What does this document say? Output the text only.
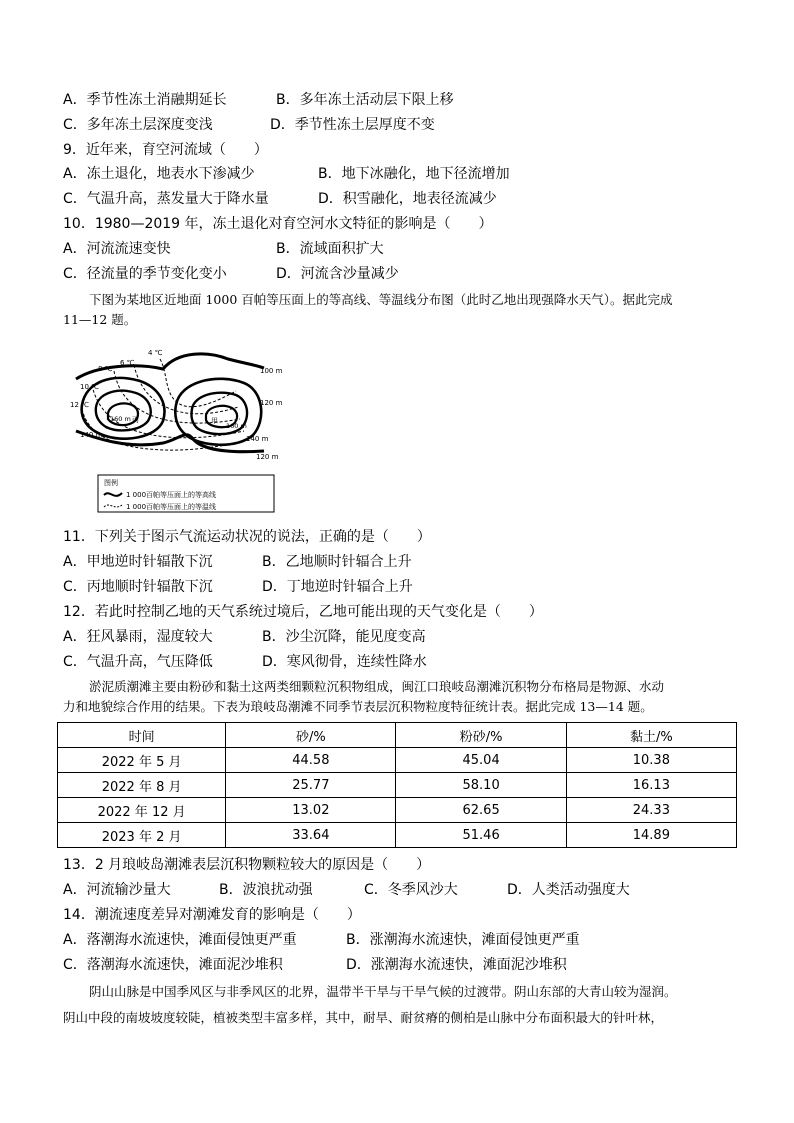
A．季节性冻土消融期延长	B．多年冻土活动层下限上移
C．多年冻土层深度变浅	D．季节性冻土层厚度不变
9．近年来，育空河流域（　　）
A．冻土退化，地表水下渗减少	B．地下冰融化，地下径流增加
C．气温升高，蒸发量大于降水量	D．积雪融化，地表径流减少
10．1980—2019 年，冻土退化对育空河水文特征的影响是（　　）
A．河流流速变快	B．流域面积扩大
C．径流量的季节变化变小	D．河流含沙量减少
下图为某地区近地面 1000 百帕等压面上的等高线、等温线分布图（此时乙地出现强降水天气）。据此完成
11—12 题。
8 ℃
6 ℃
4 ℃
10 ℃
12 ℃
100 m
120 m
160 m
140 m
丙	甲
160 m
140 m
120 m
图例
1 000百帕等压面上的等高线
1 000百帕等压面上的等温线
11．下列关于图示气流运动状况的说法，正确的是（　　）
A．甲地逆时针辐散下沉	B．乙地顺时针辐合上升
C．丙地顺时针辐散下沉	D．丁地逆时针辐合上升
12．若此时控制乙地的天气系统过境后，乙地可能出现的天气变化是（　　）
A．狂风暴雨，湿度较大	B．沙尘沉降，能见度变高
C．气温升高，气压降低	D．寒风彻骨，连续性降水
淤泥质潮滩主要由粉砂和黏土这两类细颗粒沉积物组成，闽江口琅岐岛潮滩沉积物分布格局是物源、水动
力和地貌综合作用的结果。下表为琅岐岛潮滩不同季节表层沉积物粒度特征统计表。据此完成 13—14 题。
时间	砂/%	粉砂/%	黏土/%
2022 年 5 月	44.58	45.04	10.38
2022 年 8 月	25.77	58.10	16.13
2022 年 12 月	13.02	62.65	24.33
2023 年 2 月	33.64	51.46	14.89
13．2 月琅岐岛潮滩表层沉积物颗粒较大的原因是（　　）
A．河流输沙量大	B．波浪扰动强	C．冬季风沙大	D．人类活动强度大
14．潮流速度差异对潮滩发育的影响是（　　）
A．落潮海水流速快，滩面侵蚀更严重	B．涨潮海水流速快，滩面侵蚀更严重
C．落潮海水流速快，滩面泥沙堆积	D．涨潮海水流速快，滩面泥沙堆积
阴山山脉是中国季风区与非季风区的北界，温带半干旱与干旱气候的过渡带。阴山东部的大青山较为湿润。
阴山中段的南坡坡度较陡，植被类型丰富多样，其中，耐旱、耐贫瘠的侧柏是山脉中分布面积最大的针叶林，
